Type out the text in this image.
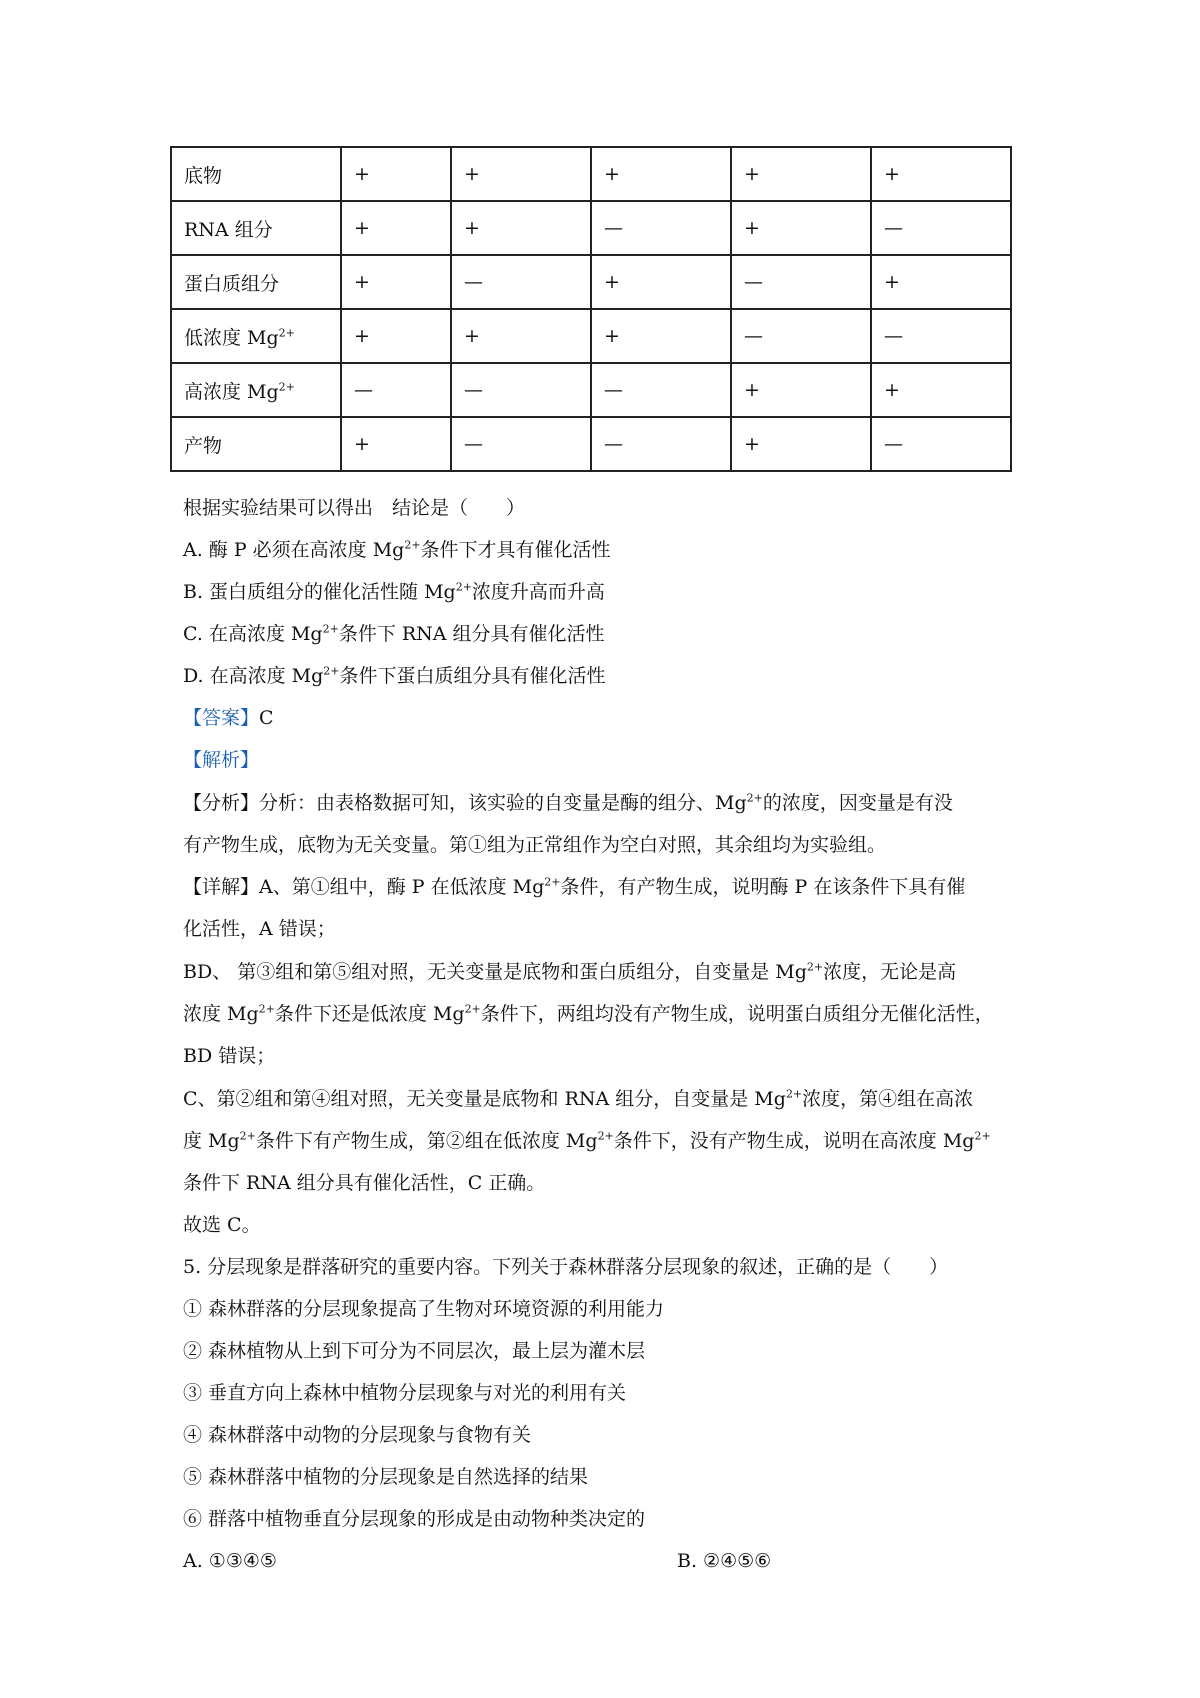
底物	+	+	+	+	+
RNA 组分	+	+	—	+	—
蛋白质组分	+	—	+	—	+
低浓度 $Mg^{2+}$	+	+	+	—	—
高浓度 $Mg^{2+}$	—	—	—	+	+
产物	+	—	—	+	—
根据实验结果可以得出　结论是（　　）
A. 酶 P 必须在高浓度 $Mg^{2+}$条件下才具有催化活性
B. 蛋白质组分的催化活性随 $Mg^{2+}$浓度升高而升高
C. 在高浓度 $Mg^{2+}$条件下 RNA 组分具有催化活性
D. 在高浓度 $Mg^{2+}$条件下蛋白质组分具有催化活性
【答案】C
【解析】
【分析】分析：由表格数据可知，该实验的自变量是酶的组分、$Mg^{2+}$的浓度，因变量是有没
有产物生成，底物为无关变量。第①组为正常组作为空白对照，其余组均为实验组。
【详解】A、第①组中，酶 P 在低浓度 $Mg^{2+}$条件，有产物生成，说明酶 P 在该条件下具有催
化活性，A 错误；
BD、 第③组和第⑤组对照，无关变量是底物和蛋白质组分，自变量是 $Mg^{2+}$浓度，无论是高
浓度 $Mg^{2+}$条件下还是低浓度 $Mg^{2+}$条件下，两组均没有产物生成，说明蛋白质组分无催化活性，
BD 错误；
C、第②组和第④组对照，无关变量是底物和 RNA 组分，自变量是 $Mg^{2+}$浓度，第④组在高浓
度 $Mg^{2+}$条件下有产物生成，第②组在低浓度 $Mg^{2+}$条件下，没有产物生成，说明在高浓度 $Mg^{2+}$
条件下 RNA 组分具有催化活性，C 正确。
故选 C。
5. 分层现象是群落研究的重要内容。下列关于森林群落分层现象的叙述，正确的是（　　）
① 森林群落的分层现象提高了生物对环境资源的利用能力
② 森林植物从上到下可分为不同层次，最上层为灌木层
③ 垂直方向上森林中植物分层现象与对光的利用有关
④ 森林群落中动物的分层现象与食物有关
⑤ 森林群落中植物的分层现象是自然选择的结果
⑥ 群落中植物垂直分层现象的形成是由动物种类决定的
A. ①③④⑤	B. ②④⑤⑥
